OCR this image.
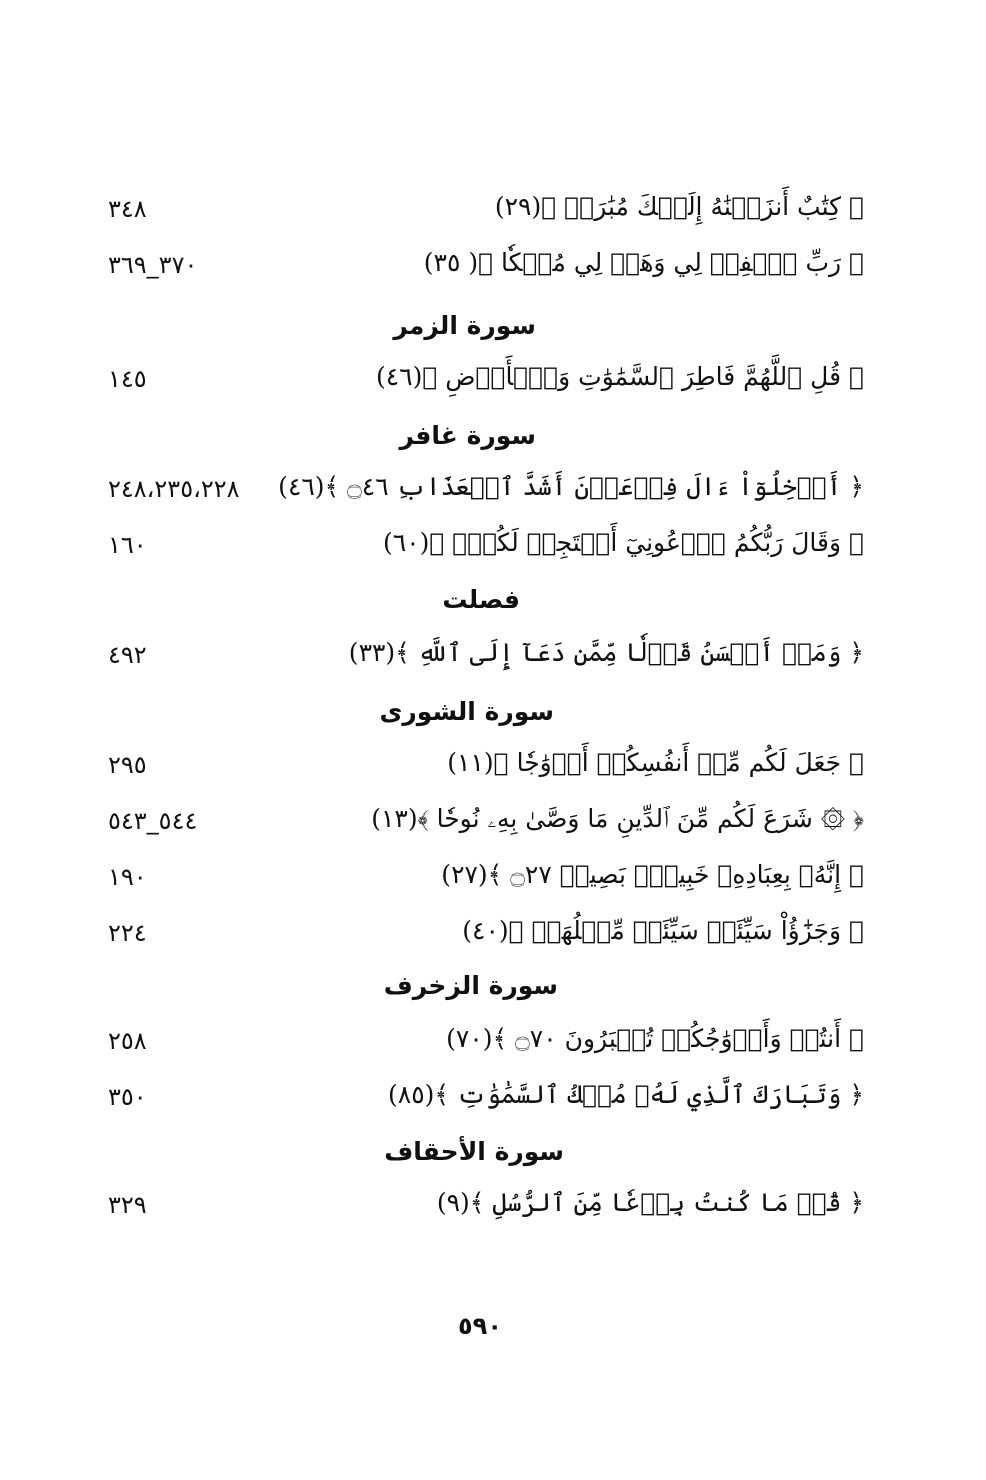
﴿ كِتَٰبٌ أَنزَلۡنَٰهُ إِلَيۡكَ مُبَٰرَكٞ ﴾(٢٩)
٣٤٨
﴿ رَبِّ ٱغۡفِرۡ لِي وَهَبۡ لِي مُلۡكٗا ﴾( ٣٥)
٣٧٠_٣٦٩
سورة الزمر
﴿ قُلِ ٱللَّهُمَّ فَاطِرَ ٱلسَّمَٰوَٰتِ وَٱلۡأَرۡضِ ﴾(٤٦)
١٤٥
سورة غافر
﴿ أَدۡخِلُوٓاْ ءَالَ فِرۡعَوۡنَ أَشَدَّ ٱلۡعَذَابِ ۝٤٦ ﴾(٤٦)
٢٤٨،٢٣٥،٢٢٨
﴿ وَقَالَ رَبُّكُمُ ٱدۡعُونِيٓ أَسۡتَجِبۡ لَكُمۡۚ ﴾(٦٠)
١٦٠
فصلت
﴿ وَمَنۡ أَحۡسَنُ قَوۡلٗا مِّمَّن دَعَآ إِلَى ٱللَّهِ ﴾(٣٣)
٤٩٢
سورة الشورى
﴿ جَعَلَ لَكُم مِّنۡ أَنفُسِكُمۡ أَزۡوَٰجٗا ﴾(١١)
٢٩٥
﴿ ۞ شَرَعَ لَكُم مِّنَ ٱلدِّينِ مَا وَصَّىٰ بِهِۦ نُوحٗا ﴾(١٣)
٥٤٤_٥٤٣
﴿ إِنَّهُۥ بِعِبَادِهِۦ خَبِيرُۢ بَصِيرٞ ۝٢٧ ﴾(٢٧)
١٩٠
﴿ وَجَزَٰٓؤُاْ سَيِّئَةٖ سَيِّئَةٞ مِّثۡلُهَاۖ ﴾(٤٠)
٢٢٤
سورة الزخرف
﴿ أَنتُمۡ وَأَزۡوَٰجُكُمۡ تُحۡبَرُونَ ۝٧٠ ﴾(٧٠)
٢٥٨
﴿ وَتَبَارَكَ ٱلَّذِي لَهُۥ مُلۡكُ ٱلسَّمَٰوَٰتِ ﴾(٨٥)
٣٥٠
سورة الأحقاف
﴿ قُلۡ مَا كُنتُ بِدۡعٗا مِّنَ ٱلرُّسُلِ ﴾(٩)
٣٢٩
٥٩٠
